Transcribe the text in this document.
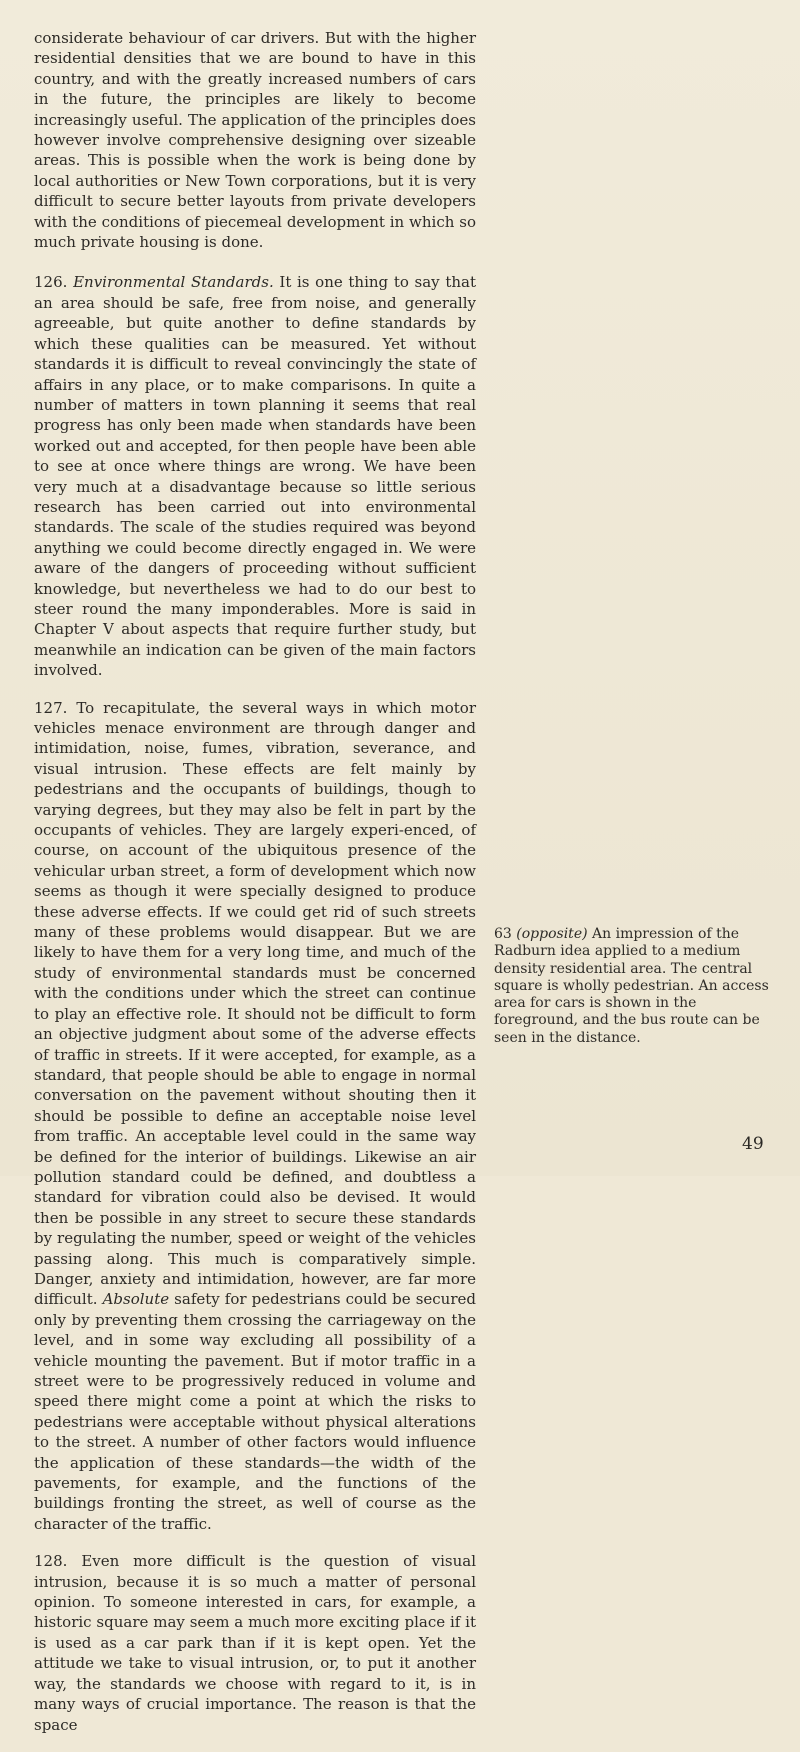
considerate behaviour of car drivers. But with the higher residential densities that we are bound to have in this country, and with the greatly increased numbers of cars in the future, the principles are likely to become increasingly useful. The application of the principles does however involve comprehensive designing over sizeable areas. This is possible when the work is being done by local authorities or New Town corporations, but it is very difficult to secure better layouts from private developers with the conditions of piecemeal development in which so much private housing is done.

126. Environmental Standards. It is one thing to say that an area should be safe, free from noise, and generally agreeable, but quite another to define standards by which these qualities can be measured. Yet without standards it is difficult to reveal convincingly the state of affairs in any place, or to make comparisons. In quite a number of matters in town planning it seems that real progress has only been made when standards have been worked out and accepted, for then people have been able to see at once where things are wrong. We have been very much at a disadvantage because so little serious research has been carried out into environmental standards. The scale of the studies required was beyond anything we could become directly engaged in. We were aware of the dangers of proceeding without sufficient knowledge, but nevertheless we had to do our best to steer round the many imponderables. More is said in Chapter V about aspects that require further study, but meanwhile an indication can be given of the main factors involved.

127. To recapitulate, the several ways in which motor vehicles menace environment are through danger and intimidation, noise, fumes, vibration, severance, and visual intrusion. These effects are felt mainly by pedestrians and the occupants of buildings, though to varying degrees, but they may also be felt in part by the occupants of vehicles. They are largely experi-enced, of course, on account of the ubiquitous presence of the vehicular urban street, a form of development which now seems as though it were specially designed to produce these adverse effects. If we could get rid of such streets many of these problems would disappear. But we are likely to have them for a very long time, and much of the study of environmental standards must be concerned with the conditions under which the street can continue to play an effective role. It should not be difficult to form an objective judgment about some of the adverse effects of traffic in streets. If it were accepted, for example, as a standard, that people should be able to engage in normal conversation on the pavement without shouting then it should be possible to define an acceptable noise level from traffic. An acceptable level could in the same way be defined for the interior of buildings. Likewise an air pollution standard could be defined, and doubtless a standard for vibration could also be devised. It would then be possible in any street to secure these standards by regulating the number, speed or weight of the vehicles passing along. This much is comparatively simple. Danger, anxiety and intimidation, however, are far more difficult. Absolute safety for pedestrians could be secured only by preventing them crossing the carriageway on the level, and in some way excluding all possibility of a vehicle mounting the pavement. But if motor traffic in a street were to be progressively reduced in volume and speed there might come a point at which the risks to pedestrians were acceptable without physical alterations to the street. A number of other factors would influence the application of these standards—the width of the pavements, for example, and the functions of the buildings fronting the street, as well of course as the character of the traffic.

128. Even more difficult is the question of visual intrusion, because it is so much a matter of personal opinion. To someone interested in cars, for example, a historic square may seem a much more exciting place if it is used as a car park than if it is kept open. Yet the attitude we take to visual intrusion, or, to put it another way, the standards we choose with regard to it, is in many ways of crucial importance. The reason is that the space

63 (opposite) An impression of the Radburn idea applied to a medium density residential area. The central square is wholly pedestrian. An access area for cars is shown in the foreground, and the bus route can be seen in the distance.
49
